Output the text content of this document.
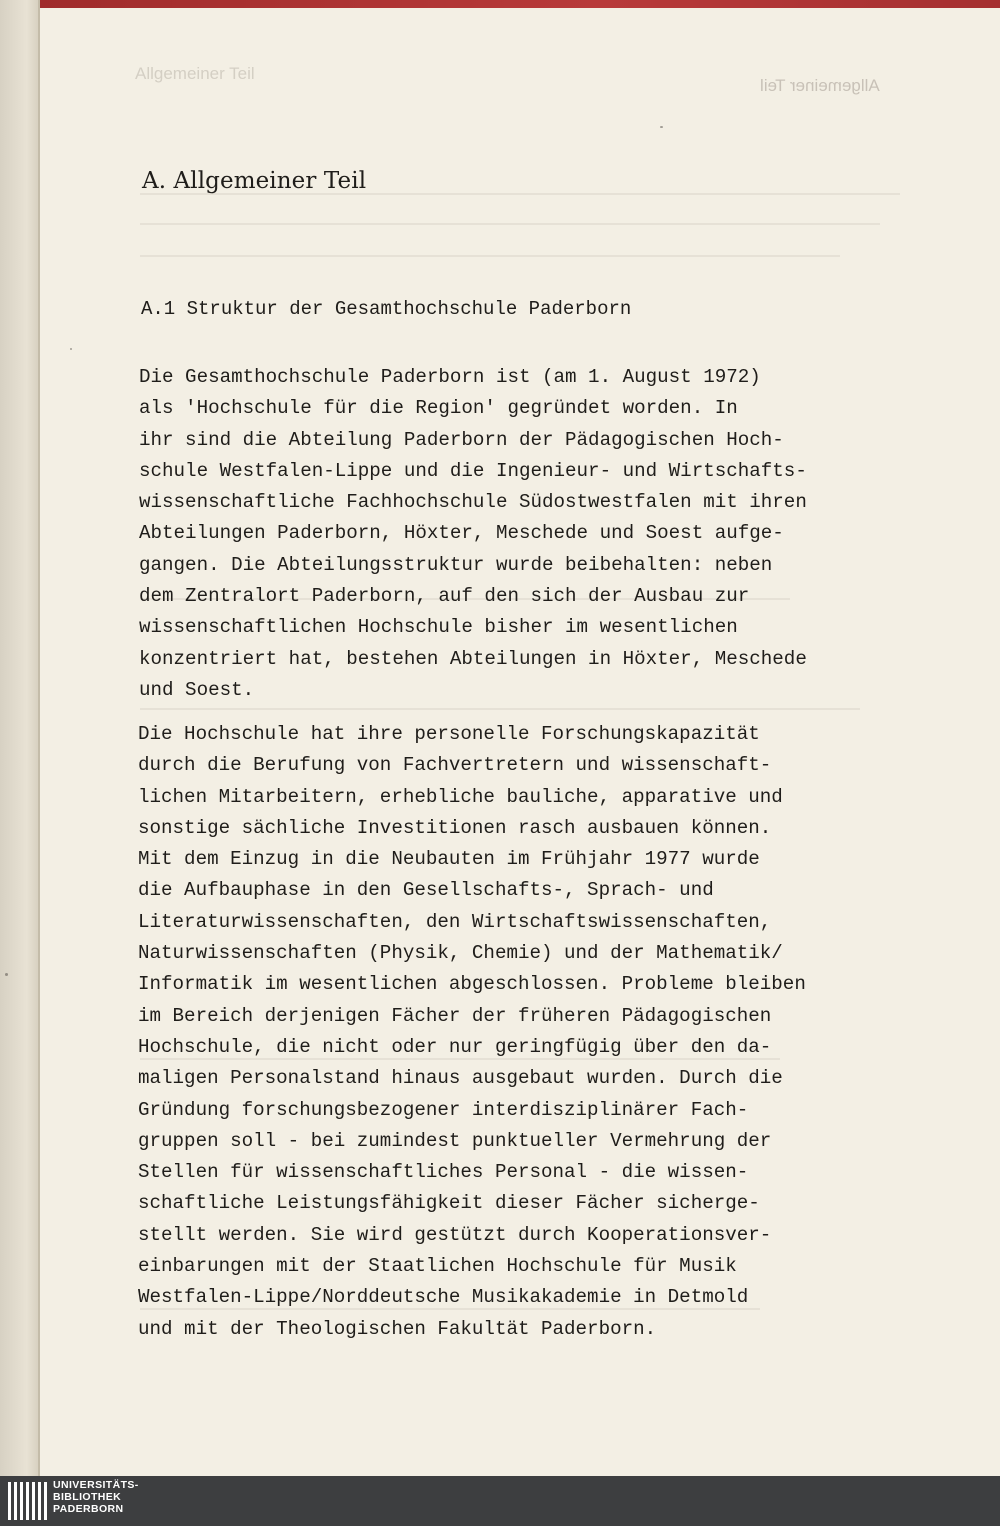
Allgemeiner Teil
Allgemeiner Teil
A. Allgemeiner Teil
A.1 Struktur der Gesamthochschule Paderborn
Die Gesamthochschule Paderborn ist (am 1. August 1972)
als 'Hochschule für die Region' gegründet worden. In
ihr sind die Abteilung Paderborn der Pädagogischen Hoch-
schule Westfalen-Lippe und die Ingenieur- und Wirtschafts-
wissenschaftliche Fachhochschule Südostwestfalen mit ihren
Abteilungen Paderborn, Höxter, Meschede und Soest aufge-
gangen. Die Abteilungsstruktur wurde beibehalten: neben
dem Zentralort Paderborn, auf den sich der Ausbau zur
wissenschaftlichen Hochschule bisher im wesentlichen
konzentriert hat, bestehen Abteilungen in Höxter, Meschede
und Soest.
Die Hochschule hat ihre personelle Forschungskapazität
durch die Berufung von Fachvertretern und wissenschaft-
lichen Mitarbeitern, erhebliche bauliche, apparative und
sonstige sächliche Investitionen rasch ausbauen können.
Mit dem Einzug in die Neubauten im Frühjahr 1977 wurde
die Aufbauphase in den Gesellschafts-, Sprach- und
Literaturwissenschaften, den Wirtschaftswissenschaften,
Naturwissenschaften (Physik, Chemie) und der Mathematik/
Informatik im wesentlichen abgeschlossen. Probleme bleiben
im Bereich derjenigen Fächer der früheren Pädagogischen
Hochschule, die nicht oder nur geringfügig über den da-
maligen Personalstand hinaus ausgebaut wurden. Durch die
Gründung forschungsbezogener interdisziplinärer Fach-
gruppen soll - bei zumindest punktueller Vermehrung der
Stellen für wissenschaftliches Personal - die wissen-
schaftliche Leistungsfähigkeit dieser Fächer sicherge-
stellt werden. Sie wird gestützt durch Kooperationsver-
einbarungen mit der Staatlichen Hochschule für Musik
Westfalen-Lippe/Norddeutsche Musikakademie in Detmold
und mit der Theologischen Fakultät Paderborn.
UNIVERSITÄTS-
BIBLIOTHEK
PADERBORN
